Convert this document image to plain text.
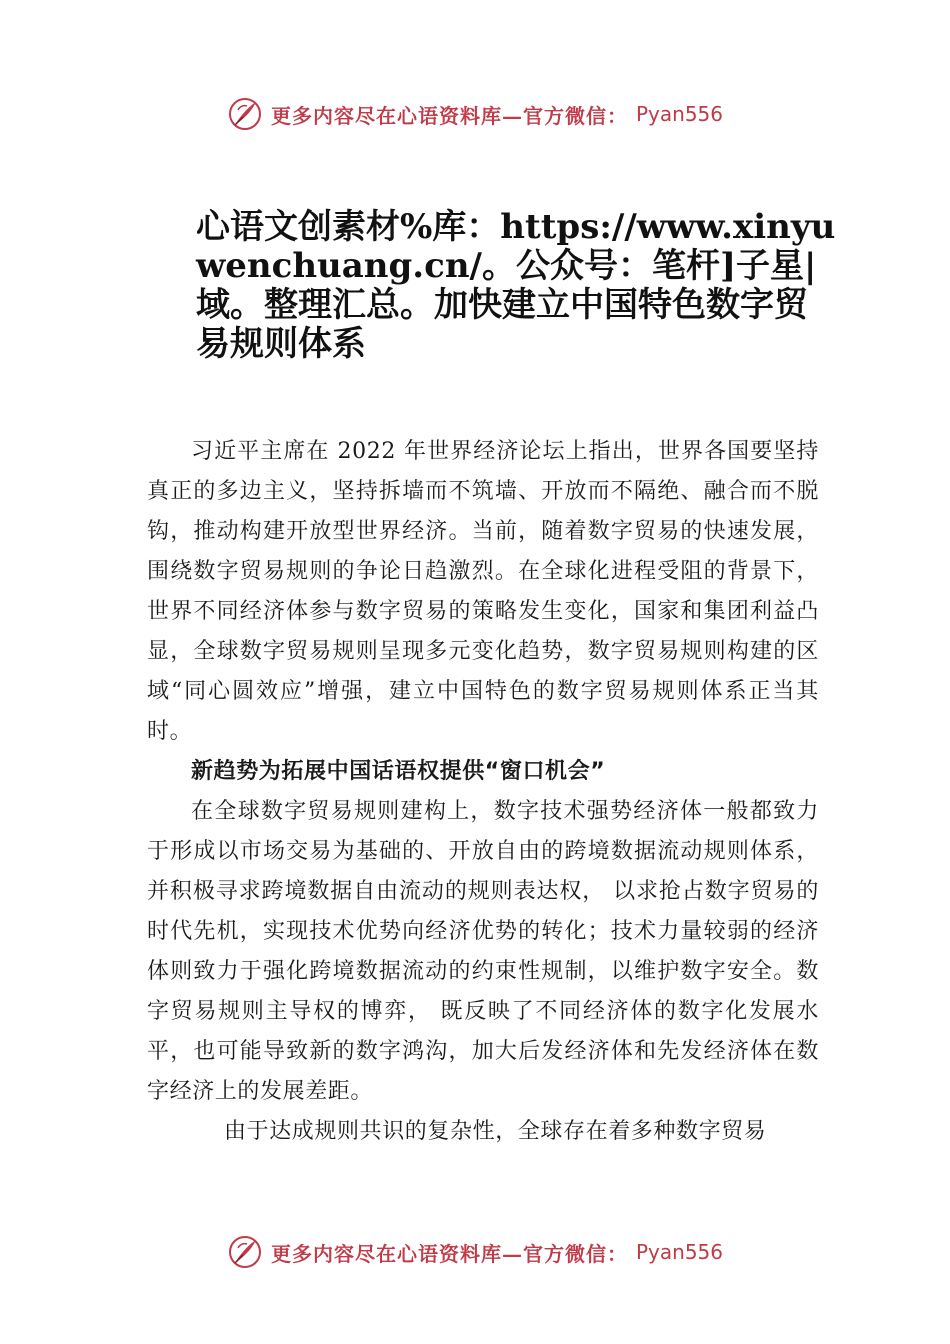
更多内容尽在心语资料库—官方微信： Pyan556
心语文创素材%库：https://www.xinyuwenchuang.cn/。公众号：笔杆]子星|域。整理汇总。加快建立中国特色数字贸易规则体系

习近平主席在 2022 年世界经济论坛上指出，世界各国要坚持真正的多边主义，坚持拆墙而不筑墙、开放而不隔绝、融合而不脱钩，推动构建开放型世界经济。当前，随着数字贸易的快速发展，围绕数字贸易规则的争论日趋激烈。在全球化进程受阻的背景下，世界不同经济体参与数字贸易的策略发生变化，国家和集团利益凸显，全球数字贸易规则呈现多元变化趋势，数字贸易规则构建的区域“同心圆效应”增强，建立中国特色的数字贸易规则体系正当其时。

新趋势为拓展中国话语权提供“窗口机会”

在全球数字贸易规则建构上，数字技术强势经济体一般都致力于形成以市场交易为基础的、开放自由的跨境数据流动规则体系，并积极寻求跨境数据自由流动的规则表达权， 以求抢占数字贸易的时代先机，实现技术优势向经济优势的转化；技术力量较弱的经济体则致力于强化跨境数据流动的约束性规制，以维护数字安全。数字贸易规则主导权的博弈， 既反映了不同经济体的数字化发展水平，也可能导致新的数字鸿沟，加大后发经济体和先发经济体在数字经济上的发展差距。

由于达成规则共识的复杂性，全球存在着多种数字贸易

更多内容尽在心语资料库—官方微信： Pyan556
